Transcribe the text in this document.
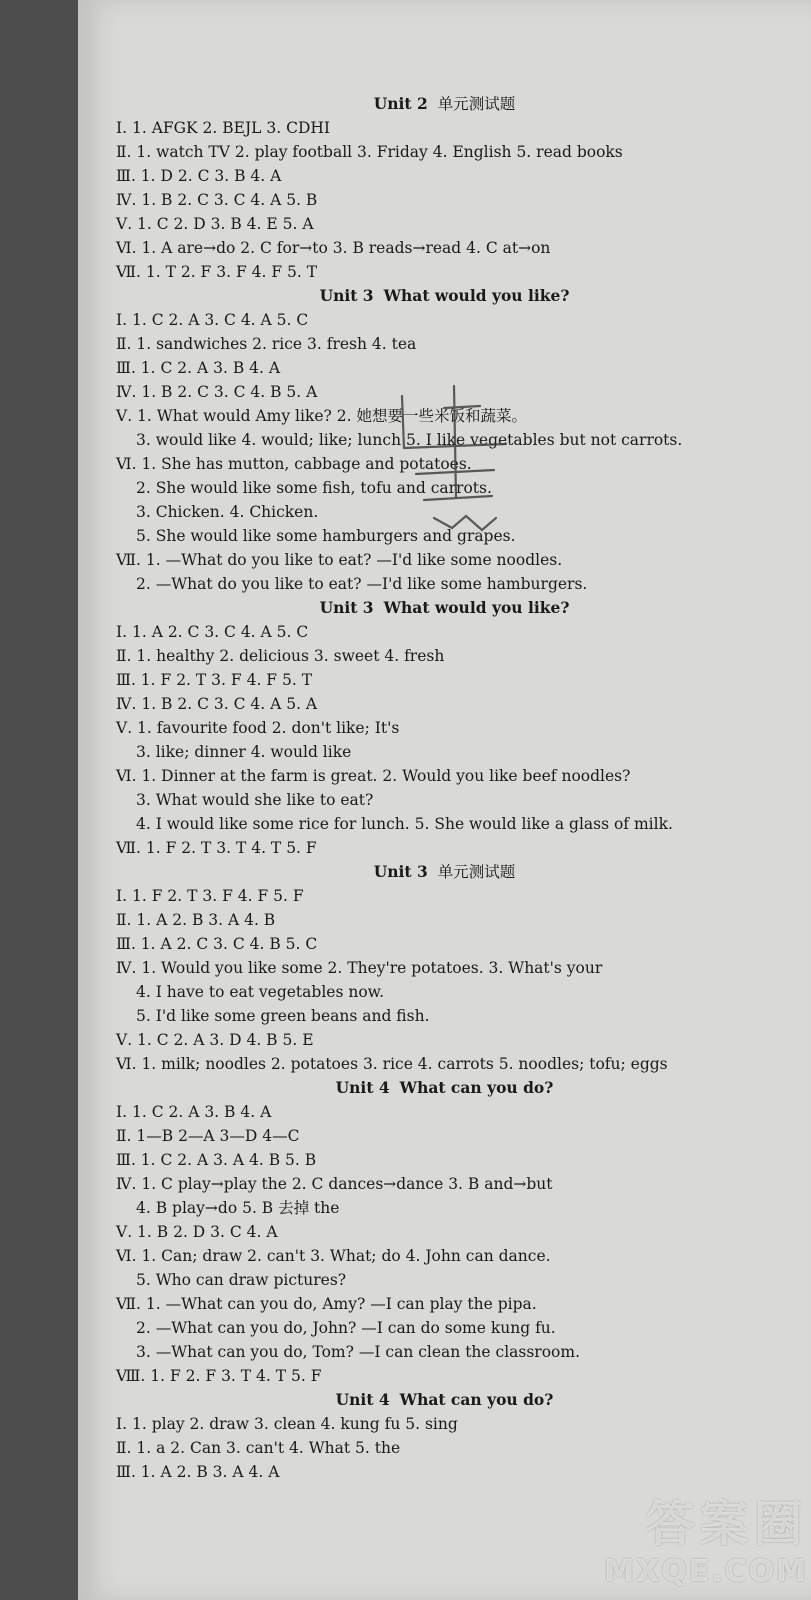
Unit 2 单元测试题
Ⅰ. 1. AFGK 2. BEJL 3. CDHI
Ⅱ. 1. watch TV 2. play football 3. Friday 4. English 5. read books
Ⅲ. 1. D 2. C 3. B 4. A
Ⅳ. 1. B 2. C 3. C 4. A 5. B
Ⅴ. 1. C 2. D 3. B 4. E 5. A
Ⅵ. 1. A are→do 2. C for→to 3. B reads→read 4. C at→on
Ⅶ. 1. T 2. F 3. F 4. F 5. T
Unit 3 What would you like?
Ⅰ. 1. C 2. A 3. C 4. A 5. C
Ⅱ. 1. sandwiches 2. rice 3. fresh 4. tea
Ⅲ. 1. C 2. A 3. B 4. A
Ⅳ. 1. B 2. C 3. C 4. B 5. A
Ⅴ. 1. What would Amy like? 2. 她想要一些米饭和蔬菜。
3. would like 4. would; like; lunch 5. I like vegetables but not carrots.
Ⅵ. 1. She has mutton, cabbage and potatoes.
2. She would like some fish, tofu and carrots.
3. Chicken. 4. Chicken.
5. She would like some hamburgers and grapes.
Ⅶ. 1. —What do you like to eat? —I'd like some noodles.
2. —What do you like to eat? —I'd like some hamburgers.
Unit 3 What would you like?
Ⅰ. 1. A 2. C 3. C 4. A 5. C
Ⅱ. 1. healthy 2. delicious 3. sweet 4. fresh
Ⅲ. 1. F 2. T 3. F 4. F 5. T
Ⅳ. 1. B 2. C 3. C 4. A 5. A
Ⅴ. 1. favourite food 2. don't like; It's
3. like; dinner 4. would like
Ⅵ. 1. Dinner at the farm is great. 2. Would you like beef noodles?
3. What would she like to eat?
4. I would like some rice for lunch. 5. She would like a glass of milk.
Ⅶ. 1. F 2. T 3. T 4. T 5. F
Unit 3 单元测试题
Ⅰ. 1. F 2. T 3. F 4. F 5. F
Ⅱ. 1. A 2. B 3. A 4. B
Ⅲ. 1. A 2. C 3. C 4. B 5. C
Ⅳ. 1. Would you like some 2. They're potatoes. 3. What's your
4. I have to eat vegetables now.
5. I'd like some green beans and fish.
Ⅴ. 1. C 2. A 3. D 4. B 5. E
Ⅵ. 1. milk; noodles 2. potatoes 3. rice 4. carrots 5. noodles; tofu; eggs
Unit 4 What can you do?
Ⅰ. 1. C 2. A 3. B 4. A
Ⅱ. 1—B 2—A 3—D 4—C
Ⅲ. 1. C 2. A 3. A 4. B 5. B
Ⅳ. 1. C play→play the 2. C dances→dance 3. B and→but
4. B play→do 5. B 去掉 the
Ⅴ. 1. B 2. D 3. C 4. A
Ⅵ. 1. Can; draw 2. can't 3. What; do 4. John can dance.
5. Who can draw pictures?
Ⅶ. 1. —What can you do, Amy? —I can play the pipa.
2. —What can you do, John? —I can do some kung fu.
3. —What can you do, Tom? —I can clean the classroom.
Ⅷ. 1. F 2. F 3. T 4. T 5. F
Unit 4 What can you do?
Ⅰ. 1. play 2. draw 3. clean 4. kung fu 5. sing
Ⅱ. 1. a 2. Can 3. can't 4. What 5. the
Ⅲ. 1. A 2. B 3. A 4. A
答案圈
MXQE.COM
